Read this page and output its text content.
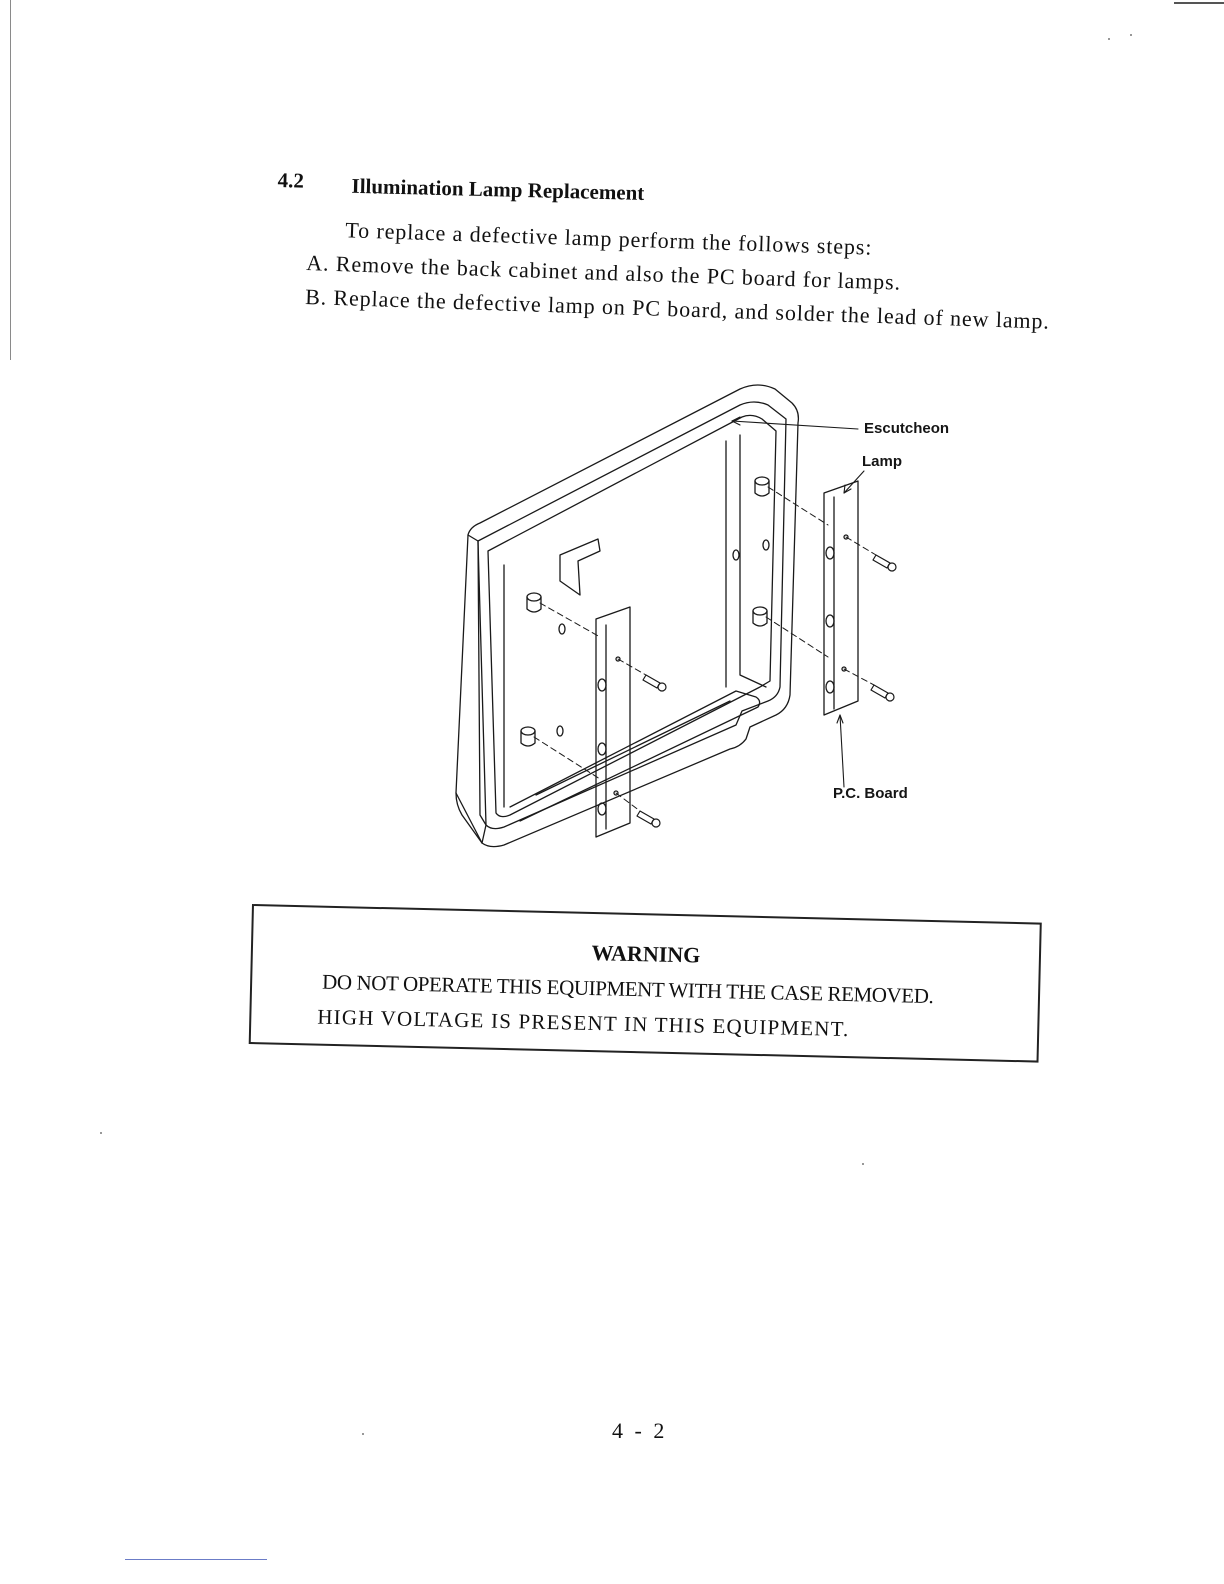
4.2 Illumination Lamp Replacement
To replace a defective lamp perform the follows steps:
A. Remove the back cabinet and also the PC board for lamps.
B. Replace the defective lamp on PC board, and solder the lead of new lamp.
Escutcheon
Lamp
P.C. Board
WARNING
DO NOT OPERATE THIS EQUIPMENT WITH THE CASE REMOVED.
HIGH VOLTAGE IS PRESENT IN THIS EQUIPMENT.
4 - 2
